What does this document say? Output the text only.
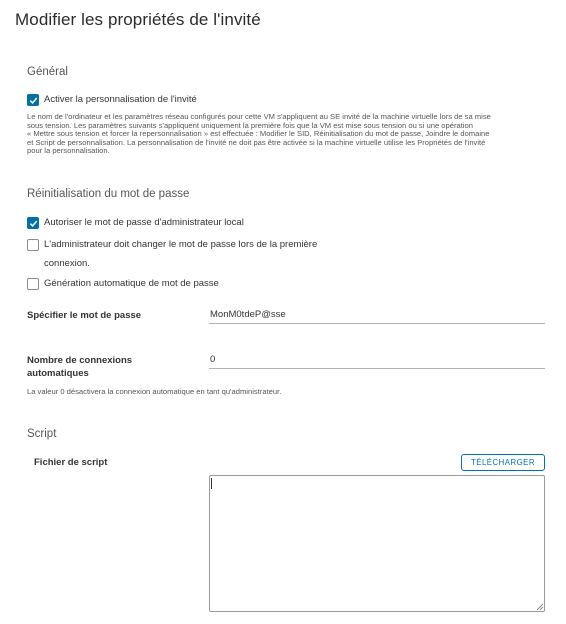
Modifier les propriétés de l'invité
Général
Activer la personnalisation de l'invité
Le nom de l'ordinateur et les paramètres réseau configurés pour cette VM s'appliquent au SE invité de la machine virtuelle lors de sa mise
sous tension. Les paramètres suivants s'appliquent uniquement la première fois que la VM est mise sous tension ou si une opération
« Mettre sous tension et forcer la repersonnalisation » est effectuée : Modifier le SID, Réinitialisation du mot de passe, Joindre le domaine
et Script de personnalisation. La personnalisation de l'invité ne doit pas être activée si la machine virtuelle utilise les Propriétés de l'invité
pour la personnalisation.
Réinitialisation du mot de passe
Autoriser le mot de passe d'administrateur local
L'administrateur doit changer le mot de passe lors de la première
connexion.
Génération automatique de mot de passe
Spécifier le mot de passe
MonM0tdeP@sse
Nombre de connexions
automatiques
0
La valeur 0 désactivera la connexion automatique en tant qu'administrateur.
Script
Fichier de script	TÉLÉCHARGER
